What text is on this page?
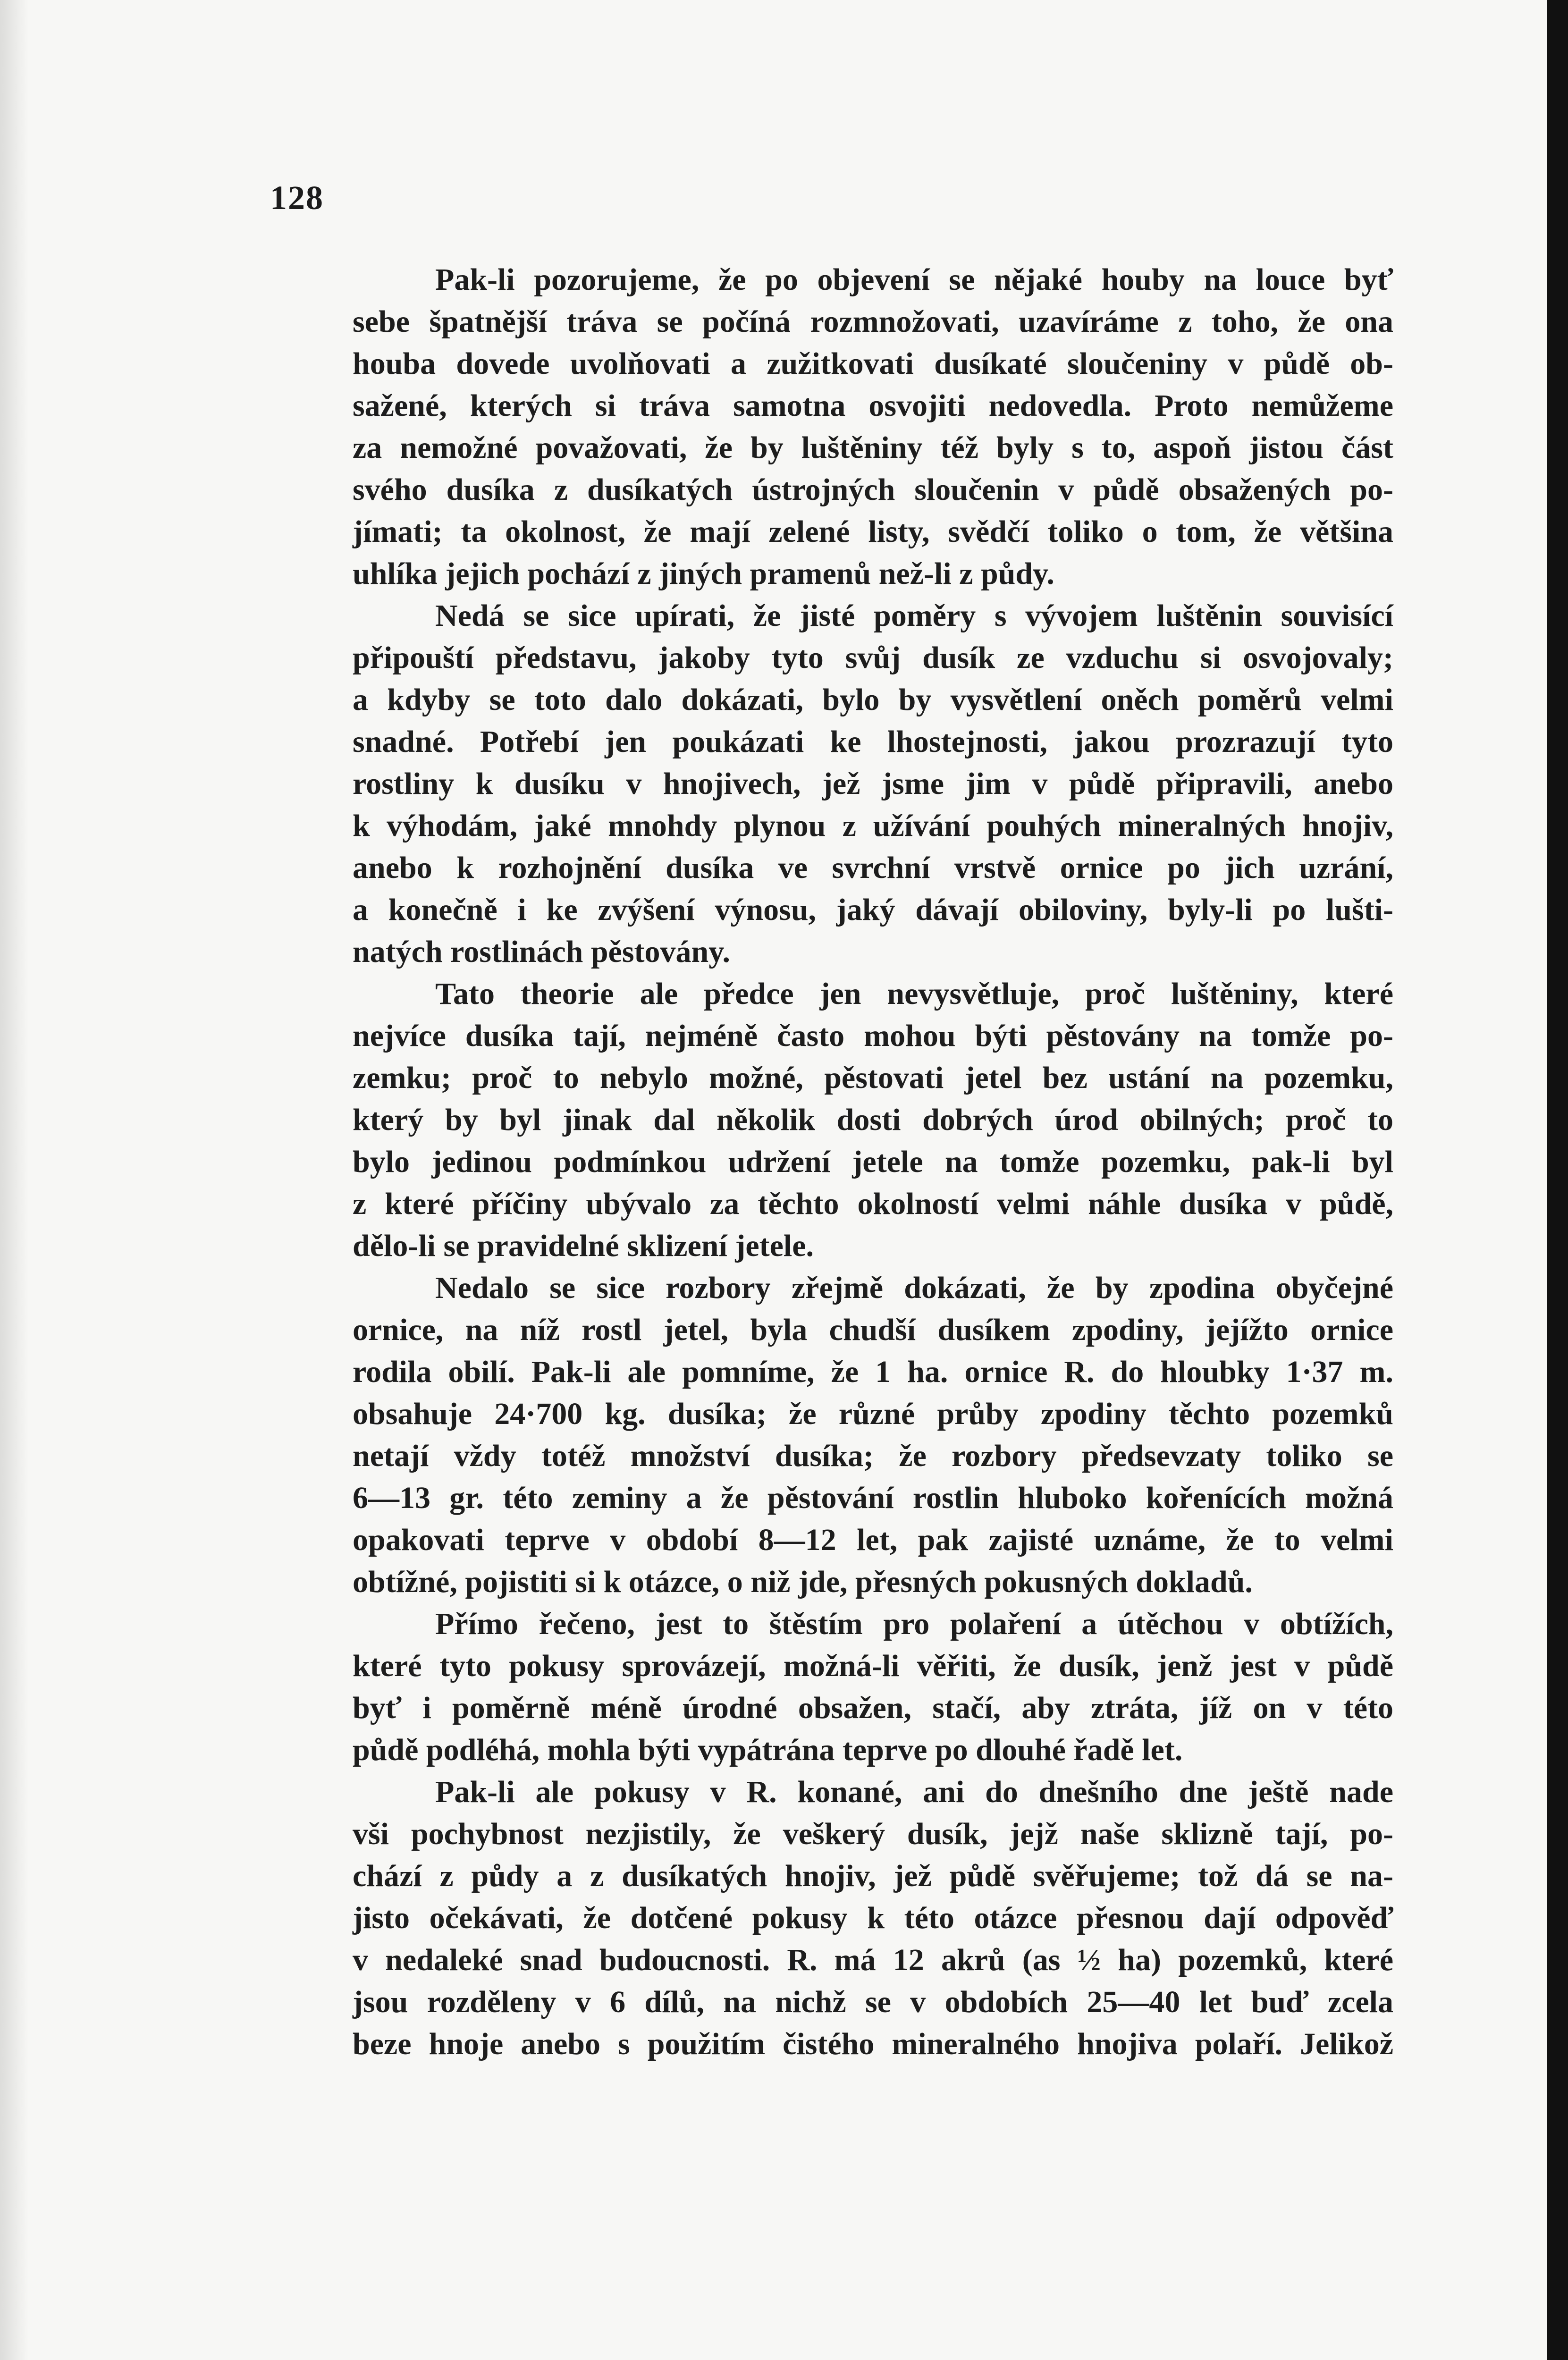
128
Pak-li pozorujeme, že po objevení se nějaké houby na louce byť
sebe špatnější tráva se počíná rozmnožovati, uzavíráme z toho, že ona
houba dovede uvolňovati a zužitkovati dusíkaté sloučeniny v půdě ob-
sažené, kterých si tráva samotna osvojiti nedovedla. Proto nemůžeme
za nemožné považovati, že by luštěniny též byly s to, aspoň jistou část
svého dusíka z dusíkatých ústrojných sloučenin v půdě obsažených po-
jímati; ta okolnost, že mají zelené listy, svědčí toliko o tom, že většina
uhlíka jejich pochází z jiných pramenů než-li z půdy.
Nedá se sice upírati, že jisté poměry s vývojem luštěnin souvisící
připouští představu, jakoby tyto svůj dusík ze vzduchu si osvojovaly;
a kdyby se toto dalo dokázati, bylo by vysvětlení oněch poměrů velmi
snadné. Potřebí jen poukázati ke lhostejnosti, jakou prozrazují tyto
rostliny k dusíku v hnojivech, jež jsme jim v půdě připravili, anebo
k výhodám, jaké mnohdy plynou z užívání pouhých mineralných hnojiv,
anebo k rozhojnění dusíka ve svrchní vrstvě ornice po jich uzrání,
a konečně i ke zvýšení výnosu, jaký dávají obiloviny, byly-li po lušti-
natých rostlinách pěstovány.
Tato theorie ale předce jen nevysvětluje, proč luštěniny, které
nejvíce dusíka tají, nejméně často mohou býti pěstovány na tomže po-
zemku; proč to nebylo možné, pěstovati jetel bez ustání na pozemku,
který by byl jinak dal několik dosti dobrých úrod obilných; proč to
bylo jedinou podmínkou udržení jetele na tomže pozemku, pak-li byl
z které příčiny ubývalo za těchto okolností velmi náhle dusíka v půdě,
dělo-li se pravidelné sklizení jetele.
Nedalo se sice rozbory zřejmě dokázati, že by zpodina obyčejné
ornice, na níž rostl jetel, byla chudší dusíkem zpodiny, jejížto ornice
rodila obilí. Pak-li ale pomníme, že 1 ha. ornice R. do hloubky 1·37 m.
obsahuje 24·700 kg. dusíka; že různé průby zpodiny těchto pozemků
netají vždy totéž množství dusíka; že rozbory předsevzaty toliko se
6—13 gr. této zeminy a že pěstování rostlin hluboko kořenících možná
opakovati teprve v období 8—12 let, pak zajisté uznáme, že to velmi
obtížné, pojistiti si k otázce, o niž jde, přesných pokusných dokladů.
Přímo řečeno, jest to štěstím pro polaření a útěchou v obtížích,
které tyto pokusy sprovázejí, možná-li věřiti, že dusík, jenž jest v půdě
byť i poměrně méně úrodné obsažen, stačí, aby ztráta, jíž on v této
půdě podléhá, mohla býti vypátrána teprve po dlouhé řadě let.
Pak-li ale pokusy v R. konané, ani do dnešního dne ještě nade
vši pochybnost nezjistily, že veškerý dusík, jejž naše sklizně tají, po-
chází z půdy a z dusíkatých hnojiv, jež půdě svěřujeme; tož dá se na-
jisto očekávati, že dotčené pokusy k této otázce přesnou dají odpověď
v nedaleké snad budoucnosti. R. má 12 akrů (as ½ ha) pozemků, které
jsou rozděleny v 6 dílů, na nichž se v obdobích 25—40 let buď zcela
beze hnoje anebo s použitím čistého mineralného hnojiva polaří. Jelikož
